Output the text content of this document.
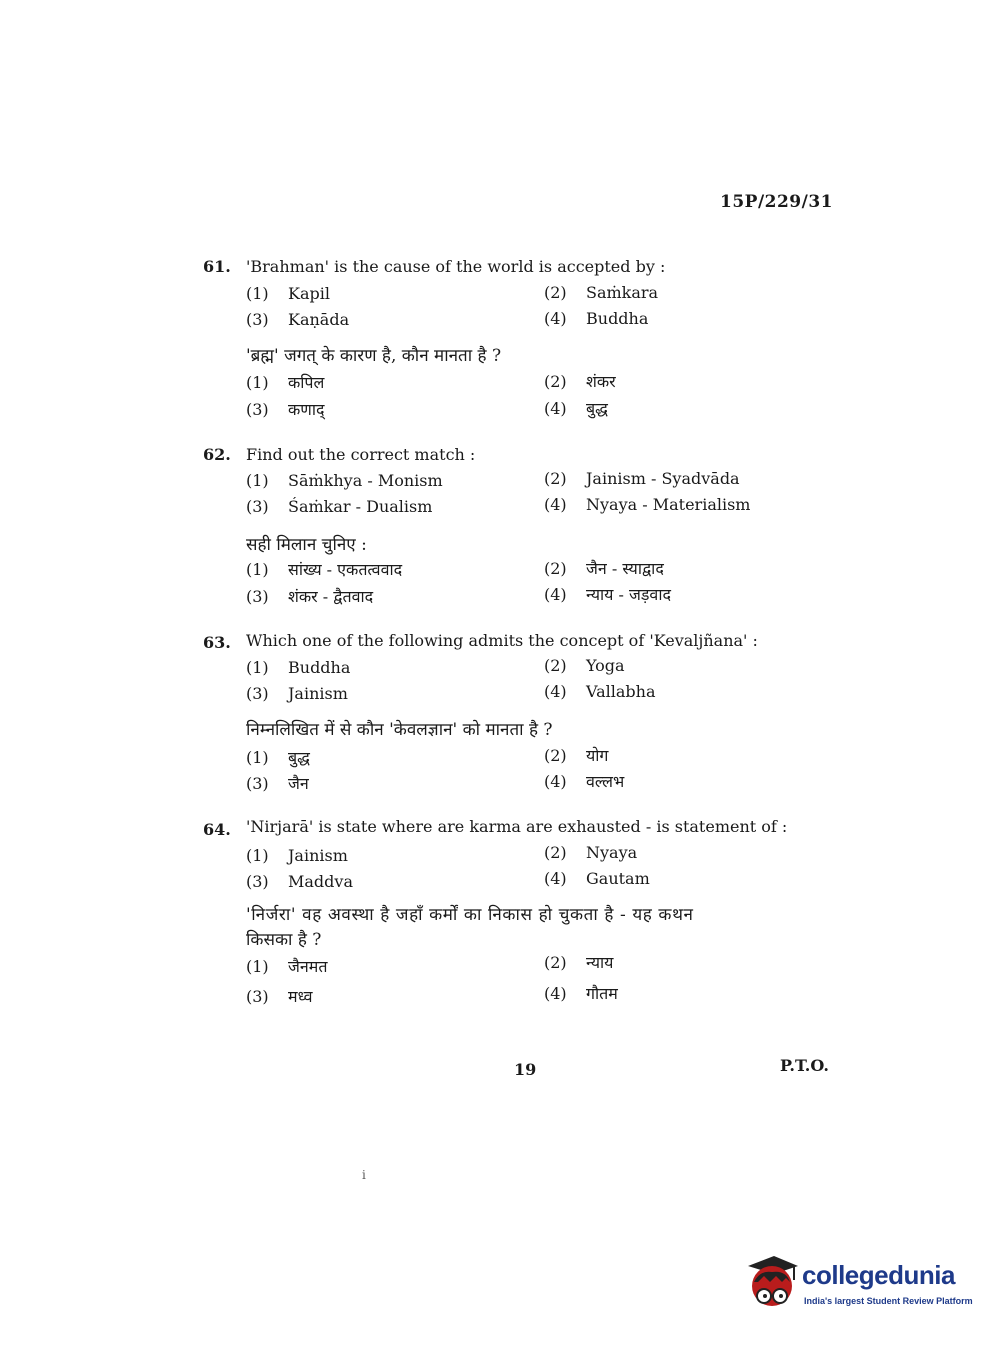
15P/229/31
61. 'Brahman' is the cause of the world is accepted by :
(1) Kapil	(2) Saṁkara
(3) Kaṇāda	(4) Buddha
'ब्रह्म' जगत् के कारण है, कौन मानता है ?
(1) कपिल	(2) शंकर
(3) कणाद्	(4) बुद्ध
62. Find out the correct match :
(1) Sāṁkhya - Monism	(2) Jainism - Syadvāda
(3) Śaṁkar - Dualism	(4) Nyaya - Materialism
सही मिलान चुनिए :
(1) सांख्य - एकतत्ववाद	(2) जैन - स्याद्वाद
(3) शंकर - द्वैतवाद	(4) न्याय - जड़वाद
63. Which one of the following admits the concept of 'Kevaljñana' :
(1) Buddha	(2) Yoga
(3) Jainism	(4) Vallabha
निम्नलिखित में से कौन 'केवलज्ञान' को मानता है ?
(1) बुद्ध	(2) योग
(3) जैन	(4) वल्लभ
64. 'Nirjarā' is state where are karma are exhausted - is statement of :
(1) Jainism	(2) Nyaya
(3) Maddva	(4) Gautam
'निर्जरा' वह अवस्था है जहाँ कर्मों का निकास हो चुकता है - यह कथन
किसका है ?
(1) जैनमत	(2) न्याय
(3) मध्व	(4) गौतम
19	P.T.O.
i
collegedunia
India's largest Student Review Platform
